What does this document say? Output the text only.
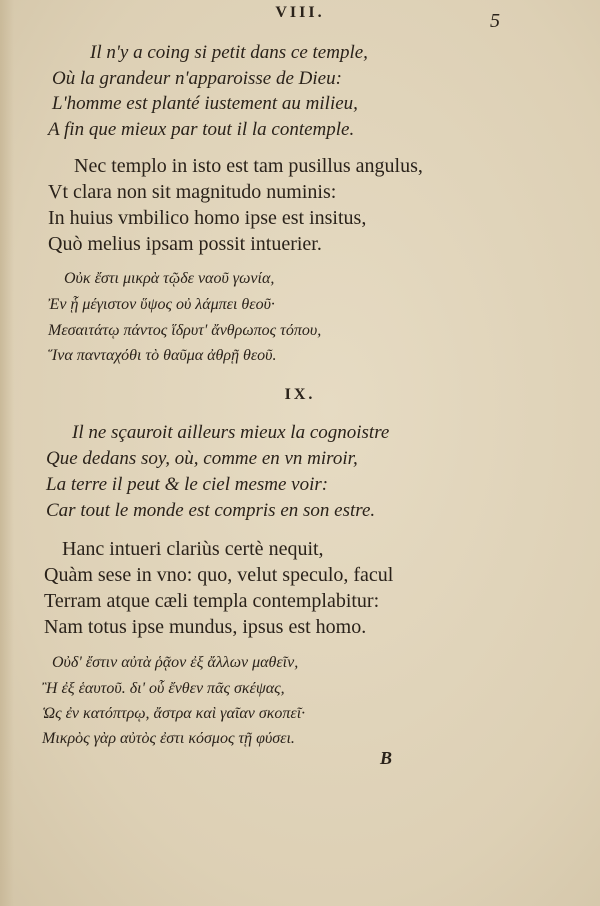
VIII.	5
Il n'y a coing si petit dans ce temple,
Où la grandeur n'apparoisse de Dieu:
L'homme est planté iustement au milieu,
A fin que mieux par tout il la contemple.
Nec templo in isto est tam pusillus angulus,
Vt clara non sit magnitudo numinis:
In huius vmbilico homo ipse est insitus,
Quò melius ipsam possit intuerier.
Οὐκ ἔστι μικρὰ τῷδε ναοῦ γωνία,
Ἐν ᾗ μέγιστον ὕψος οὐ λάμπει θεοῦ·
Μεσαιτάτῳ πάντος ἵδρυτ' ἄνθρωπος τόπου,
Ἵνα πανταχόθι τὸ θαῦμα ἀθρῇ θεοῦ.
IX.
Il ne sçauroit ailleurs mieux la cognoistre
Que dedans soy, où, comme en vn miroir,
La terre il peut & le ciel mesme voir:
Car tout le monde est compris en son estre.
Hanc intueri clariùs certè nequit,
Quàm sese in vno: quo, velut speculo, facul
Terram atque cæli templa contemplabitur:
Nam totus ipse mundus, ipsus est homo.
Οὐδ' ἔστιν αὐτὰ ῥᾷον ἐξ ἄλλων μαθεῖν,
Ἢ ἐξ ἑαυτοῦ. δι' οὗ ἔνθεν πᾶς σκέψας,
Ὡς ἐν κατόπτρῳ, ἄστρα καὶ γαῖαν σκοπεῖ·
Μικρὸς γὰρ αὐτὸς ἐστι κόσμος τῇ φύσει.
B
